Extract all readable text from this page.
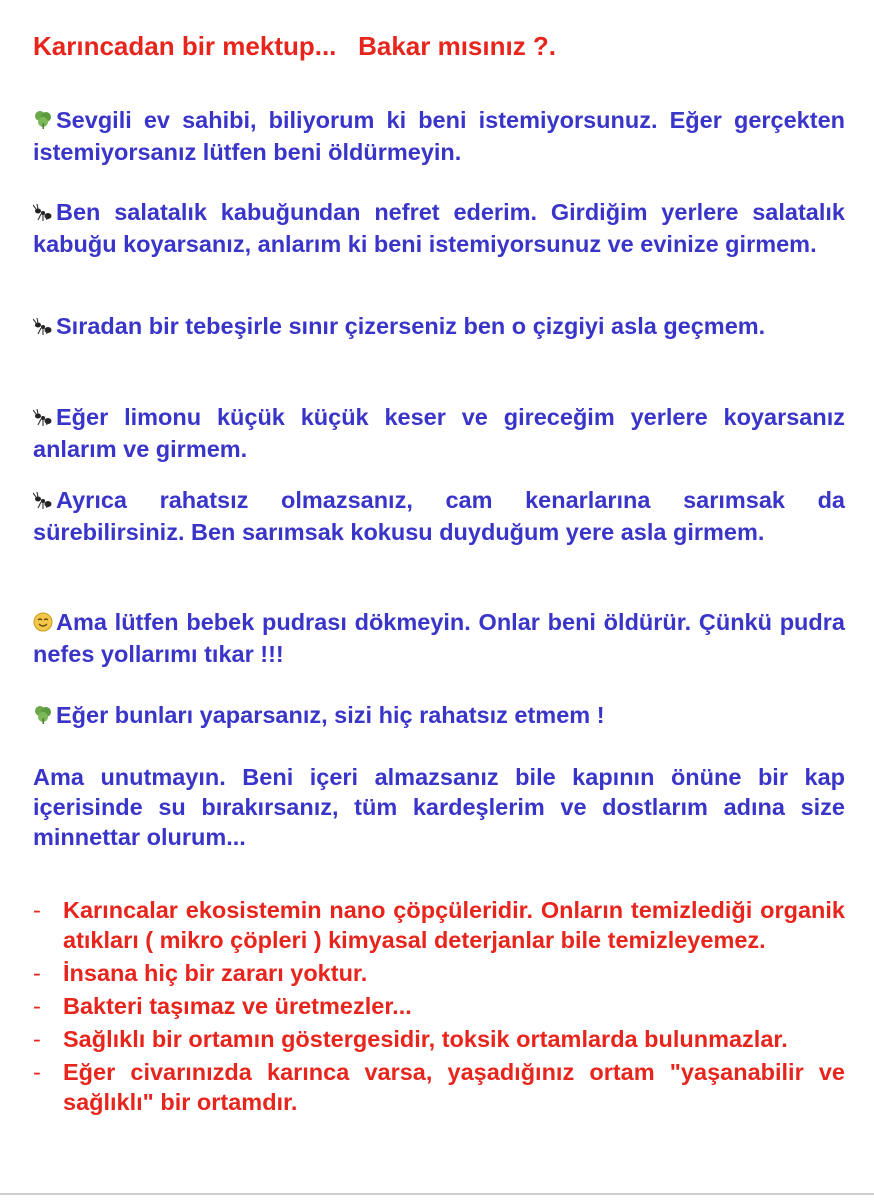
Karıncadan bir mektup...   Bakar mısınız ?.
Sevgili ev sahibi, biliyorum ki beni istemiyorsunuz. Eğer gerçekten istemiyorsanız lütfen beni öldürmeyin.
Ben salatalık kabuğundan nefret ederim. Girdiğim yerlere salatalık kabuğu koyarsanız, anlarım ki beni istemiyorsunuz ve evinize girmem.
Sıradan bir tebeşirle sınır çizerseniz ben o çizgiyi asla geçmem.
Eğer limonu küçük küçük keser ve gireceğim yerlere koyarsanız anlarım ve girmem.
Ayrıca rahatsız olmazsanız, cam kenarlarına sarımsak da sürebilirsiniz. Ben sarımsak kokusu duyduğum yere asla girmem.
Ama lütfen bebek pudrası dökmeyin. Onlar beni öldürür. Çünkü pudra nefes yollarımı tıkar !!!
Eğer bunları yaparsanız, sizi hiç rahatsız etmem !
Ama unutmayın. Beni içeri almazsanız bile kapının önüne bir kap içerisinde su bırakırsanız, tüm kardeşlerim ve dostlarım adına size minnettar olurum...
- Karıncalar ekosistemin nano çöpçüleridir. Onların temizlediği organik atıkları ( mikro çöpleri ) kimyasal deterjanlar bile temizleyemez.
- İnsana hiç bir zararı yoktur.
- Bakteri taşımaz ve üretmezler...
- Sağlıklı bir ortamın göstergesidir, toksik ortamlarda bulunmazlar.
- Eğer civarınızda karınca varsa, yaşadığınız ortam "yaşanabilir ve sağlıklı" bir ortamdır.
